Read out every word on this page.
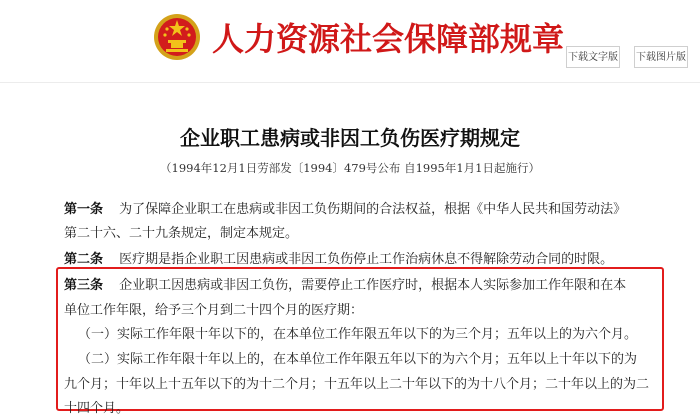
人力资源社会保障部规章 下载文字版 下载图片版
企业职工患病或非因工负伤医疗期规定
（1994年12月1日劳部发〔1994〕479号公布 自1995年1月1日起施行）
第一条 为了保障企业职工在患病或非因工负伤期间的合法权益，根据《中华人民共和国劳动法》
第二十六、二十九条规定，制定本规定。
第二条 医疗期是指企业职工因患病或非因工负伤停止工作治病休息不得解除劳动合同的时限。
第三条 企业职工因患病或非因工负伤，需要停止工作医疗时，根据本人实际参加工作年限和在本
单位工作年限，给予三个月到二十四个月的医疗期：
（一）实际工作年限十年以下的，在本单位工作年限五年以下的为三个月；五年以上的为六个月。
（二）实际工作年限十年以上的，在本单位工作年限五年以下的为六个月；五年以上十年以下的为
九个月；十年以上十五年以下的为十二个月；十五年以上二十年以下的为十八个月；二十年以上的为二
十四个月。
